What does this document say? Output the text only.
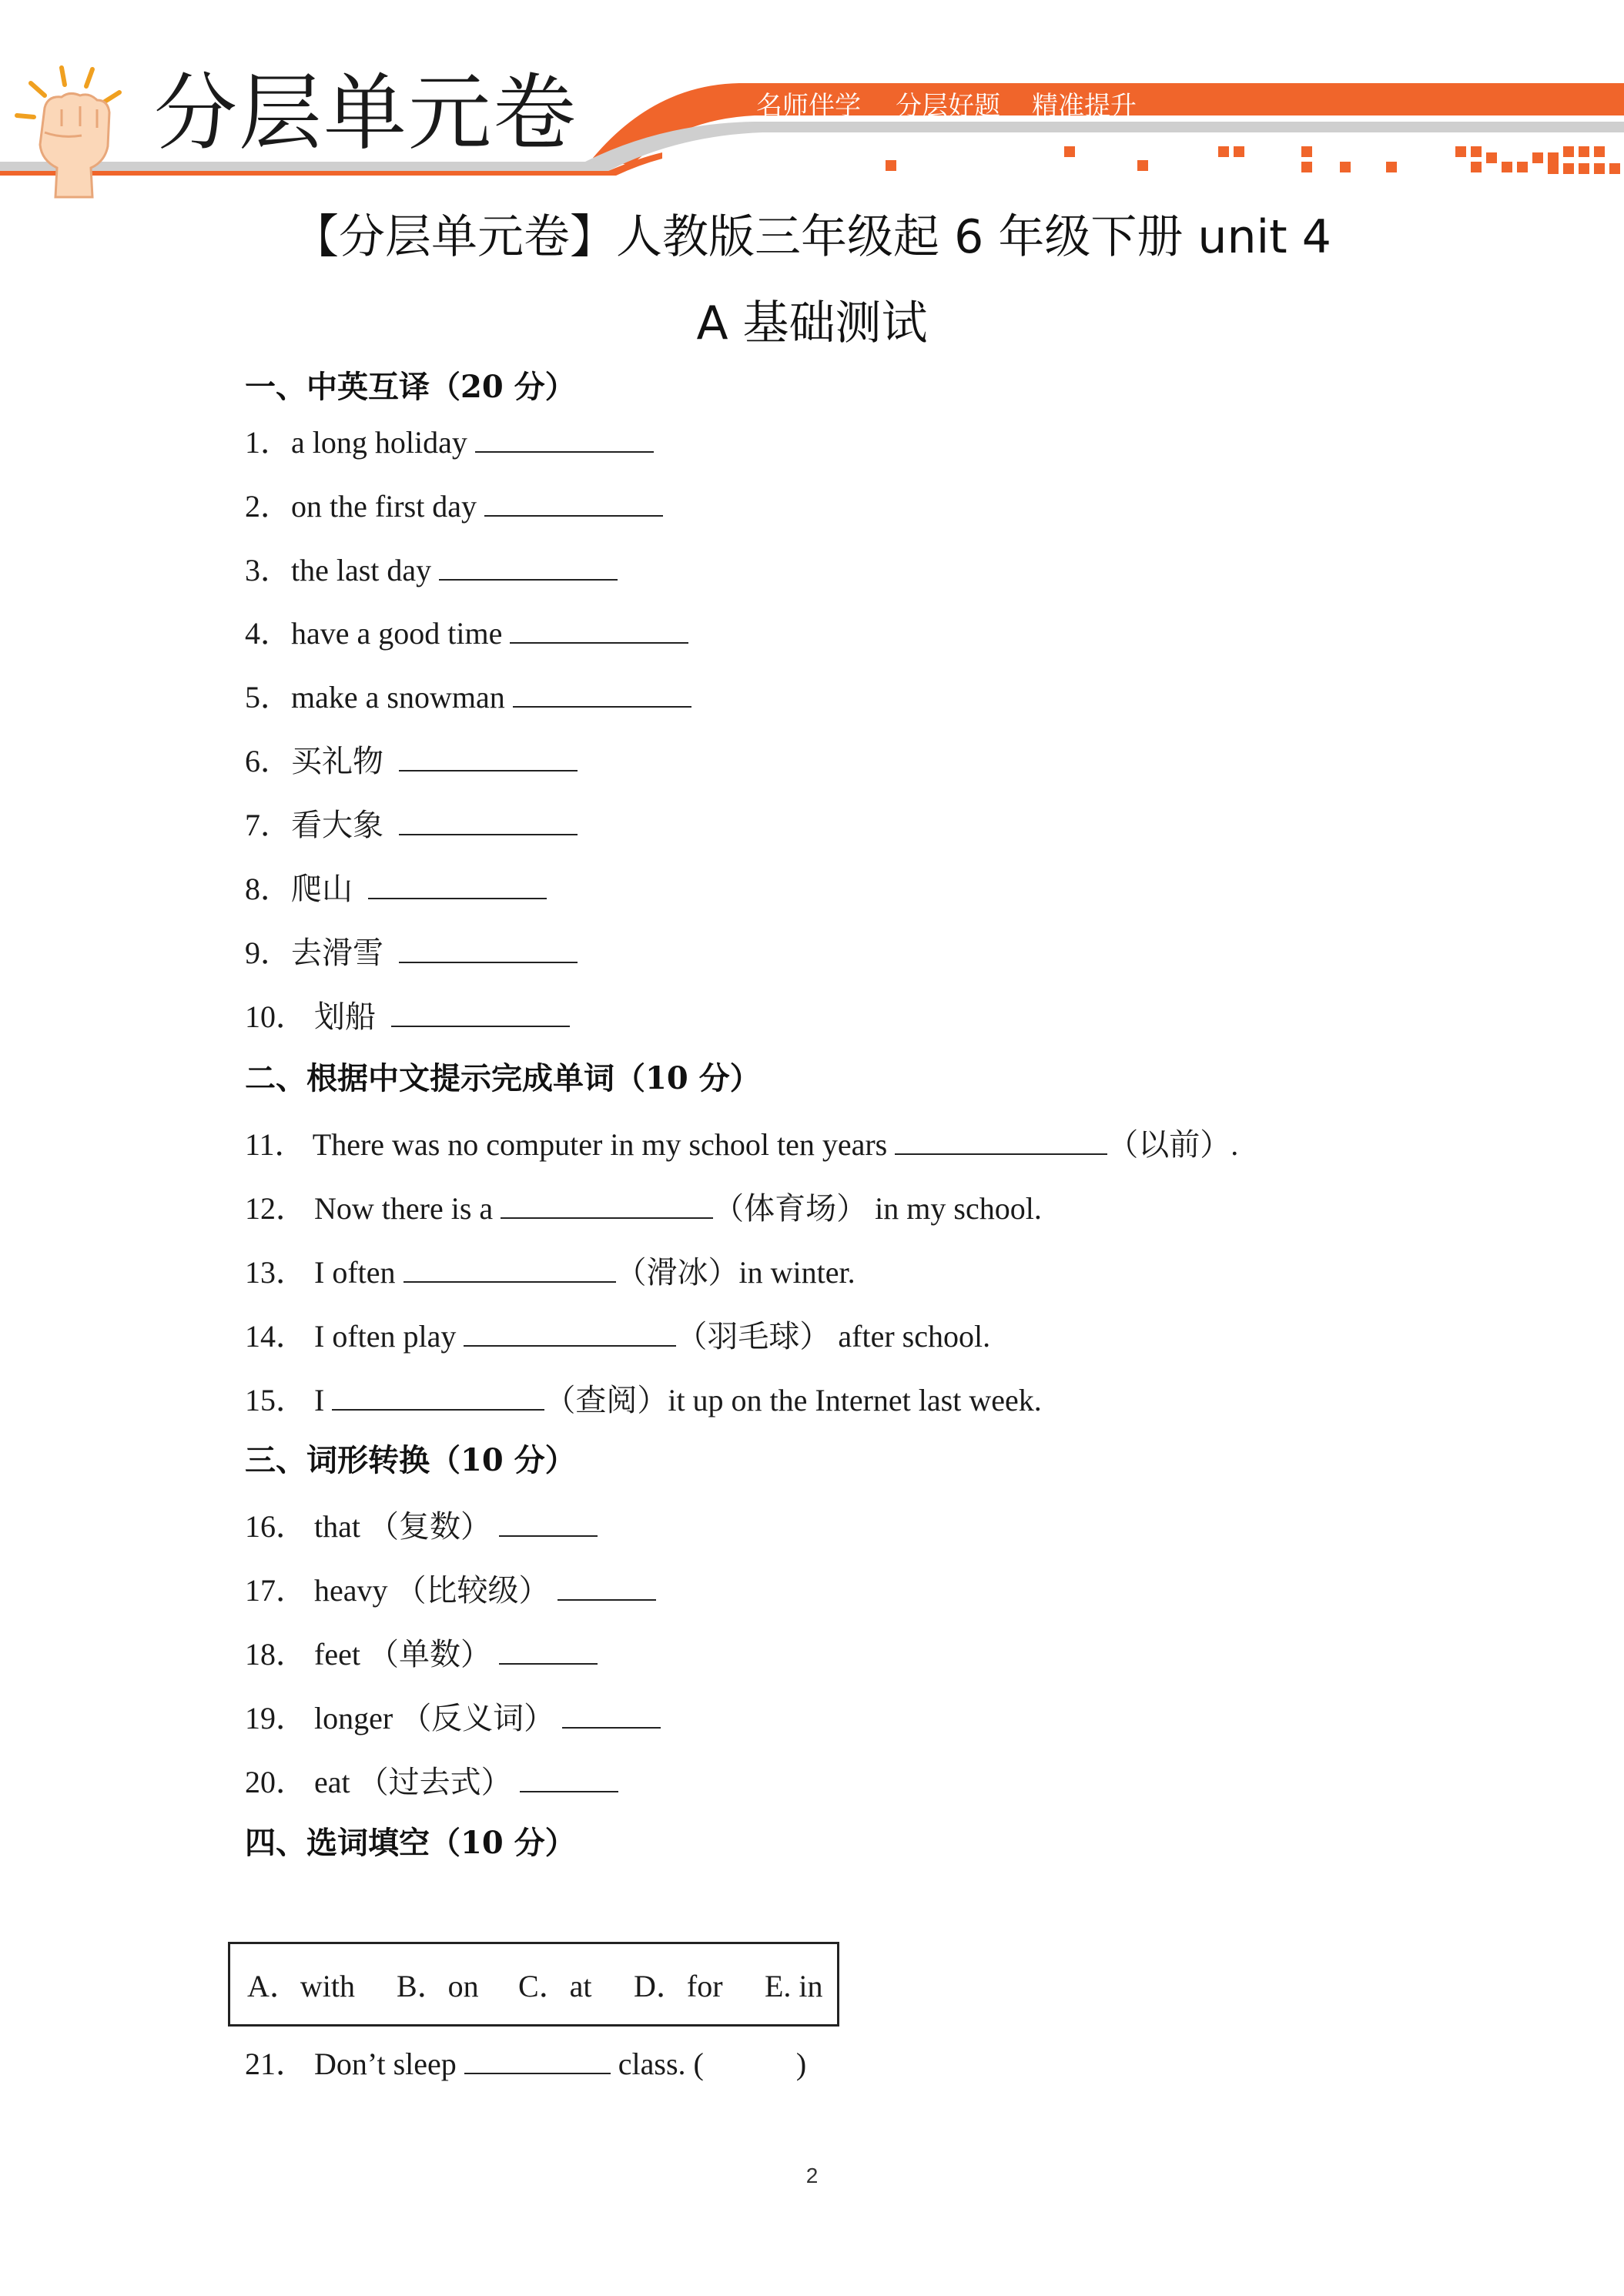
分层单元卷	名师伴学 分层好题 精准提升
【分层单元卷】人教版三年级起 6 年级下册 unit 4
A 基础测试
一、中英互译（20 分）
1．a long holiday
2．on the first day
3．the last day
4．have a good time
5．make a snowman
6．买礼物
7．看大象
8．爬山
9．去滑雪
10． 划船
二、根据中文提示完成单词（10 分）
11． There was no computer in my school ten years	（以前）.
12． Now there is a	（体育场） in my school.
13． I often	（滑冰）in winter.
14． I often play	（羽毛球） after school.
15． I	（查阅）it up on the Internet last week.
三、词形转换（10 分）
16． that （复数）
17． heavy （比较级）
18． feet （单数）
19． longer （反义词）
20． eat （过去式）
四、选词填空（10 分）
A．with B．on C．at D．for E. in
21． Don’t sleep	class. (	)
2
